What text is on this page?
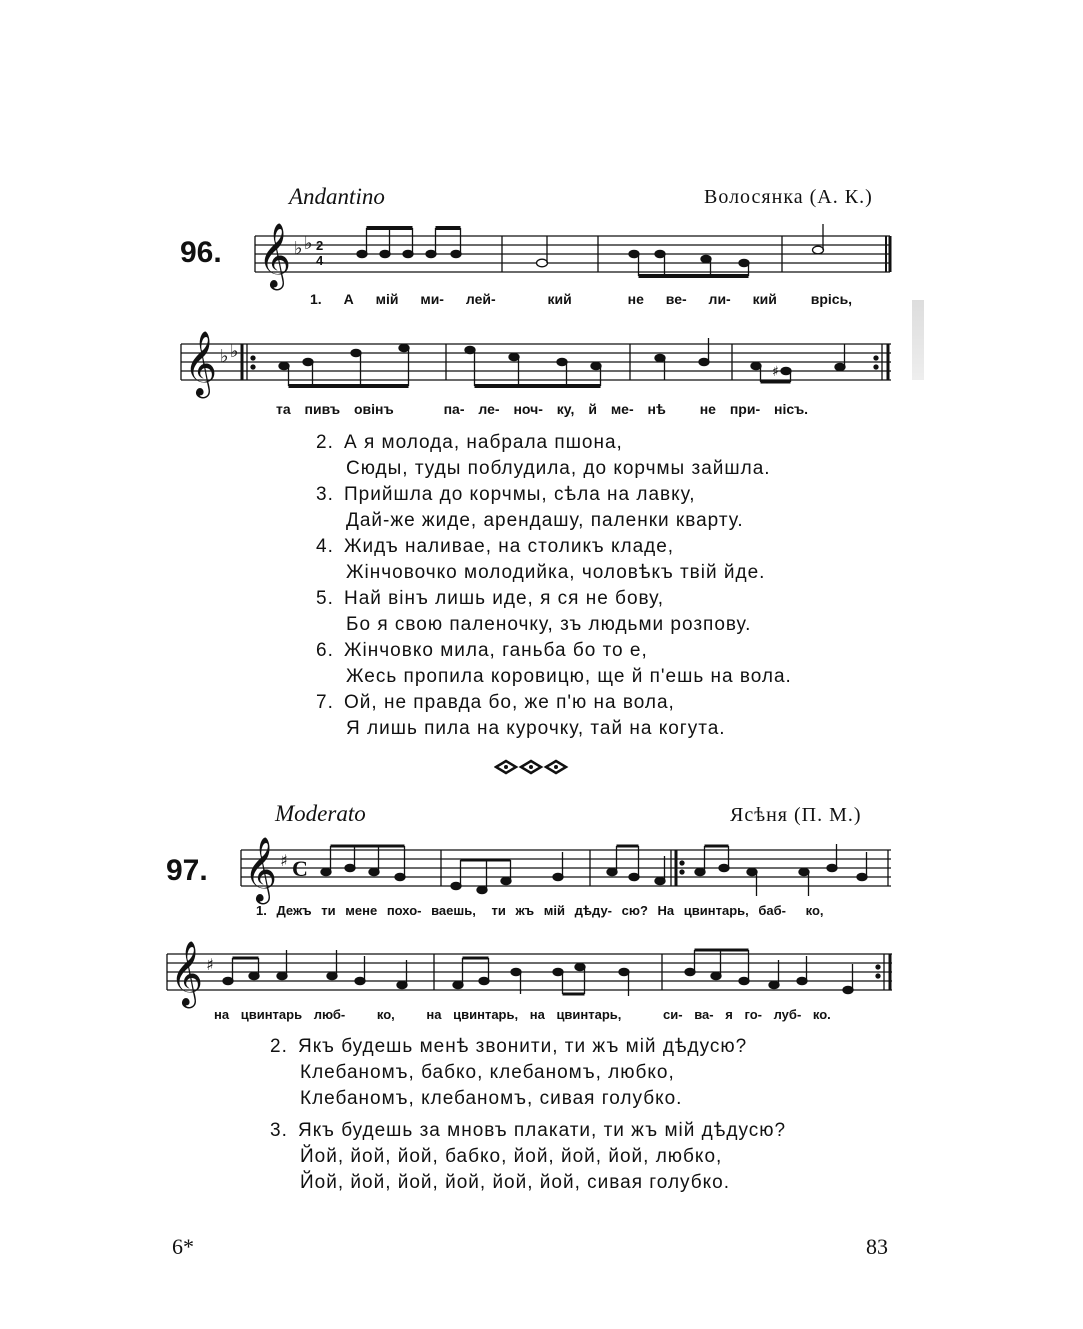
Andantino	Волосянка (А. К.)
96. 𝄞 ♭ ♭ 2
4
1. А мій ми- лей-	кий	не ве- ли- кий врісь,
𝄞 ♭ ♭
♯
та пивъ овінъ	па- ле- ноч- ку, й ме- нѣ не при- нісъ.
2. А я молода, набрала пшона,
Сюды, туды поблудила, до корчмы зайшла.
3. Прийшла до корчмы, сѣла на лавку,
Дай-же жиде, арендашу, паленки кварту.
4. Жидъ наливае, на столикъ кладе,
Жінчовочко молодийка, чоловѣкъ твій йде.
5. Най вінъ лишь иде, я ся не бову,
Бо я свою паленочку, зъ людьми розпову.
6. Жінчовко мила, ганьба бо то е,
Жесь пропила коровицю, ще й п'ешь на вола.
7. Ой, не правда бо, же п'ю на вола,
Я лишь пила на курочку, тай на когута.
Moderato	Ясѣня (П. М.)
97. 𝄞 ♯ C
1. Дежъ ти мене похо- ваешь, ти жъ мій дѣду- сю? На цвинтарь, баб- ко,
𝄞 ♯
на цвинтарь люб- ко, на цвинтарь, на цвинтарь,	си- ва- я го- луб- ко.
2. Якъ будешь менѣ звонити, ти жъ мій дѣдусю?
Клебаномъ, бабко, клебаномъ, любко,
Клебаномъ, клебаномъ, сивая голубко.
3. Якъ будешь за мновъ плакати, ти жъ мій дѣдусю?
Йой, йой, йой, бабко, йой, йой, йой, любко,
Йой, йой, йой, йой, йой, йой, сивая голубко.
6*	83
